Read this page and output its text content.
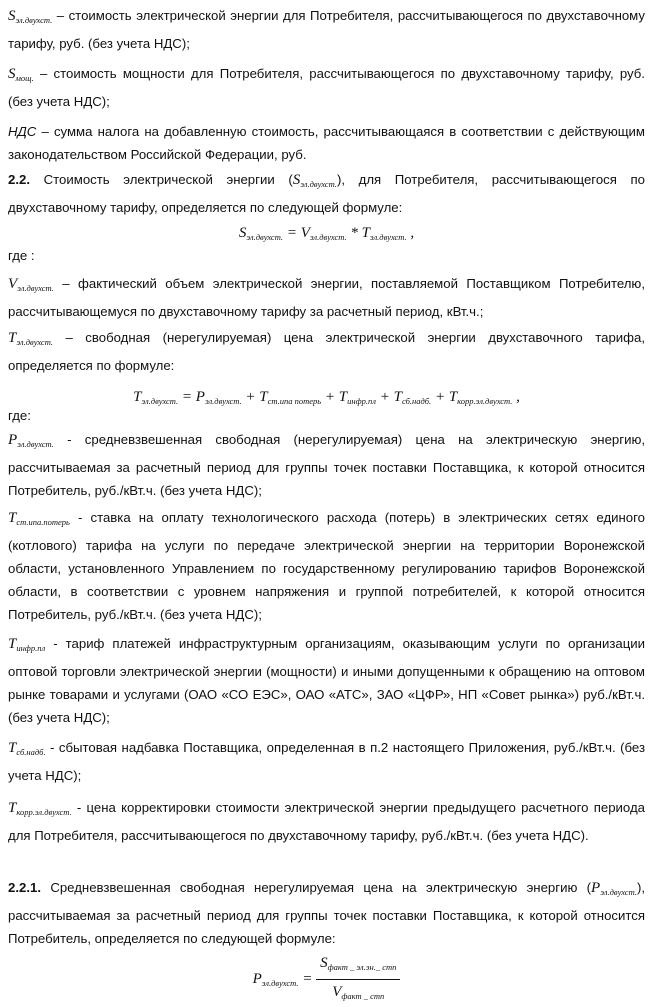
$S_{эл.двухст.}$ – стоимость электрической энергии для Потребителя, рассчитывающегося по двухставочному тарифу, руб. (без учета НДС);

$S_{мощ.}$ – стоимость мощности для Потребителя, рассчитывающегося по двухставочному тарифу, руб. (без учета НДС);

НДС – сумма налога на добавленную стоимость, рассчитывающаяся в соответствии с действующим законодательством Российской Федерации, руб.

2.2. Стоимость электрической энергии $(S_{эл.двухст.})$, для Потребителя, рассчитывающегося по двухставочному тарифу, определяется по следующей формуле:

$S_{эл.двухст.} = V_{эл.двухст.} * T_{эл.двухст.}$ ,

где :

$V_{эл.двухст.}$ – фактический объем электрической энергии, поставляемой Поставщиком Потребителю, рассчитывающемуся по двухставочному тарифу за расчетный период, кВт.ч.;

$T_{эл.двухст.}$ – свободная (нерегулируемая) цена электрической энергии двухставочного тарифа, определяется по формуле:

$T_{эл.двухст.} = P_{эл.двухст.} + T_{ст.ипа потерь} + T_{инфр.пл} + T_{сб.надб.} + T_{корр.эл.двухст.}$ ,

где:

$P_{эл.двухст.}$ - средневзвешенная свободная (нерегулируемая) цена на электрическую энергию, рассчитываемая за расчетный период для группы точек поставки Поставщика, к которой относится Потребитель, руб./кВт.ч. (без учета НДС);

$T_{ст.ипа.потерь}$ - ставка на оплату технологического расхода (потерь) в электрических сетях единого (котлового) тарифа на услуги по передаче электрической энергии на территории Воронежской области, установленного Управлением по государственному регулированию тарифов Воронежской области, в соответствии с уровнем напряжения и группой потребителей, к которой относится Потребитель, руб./кВт.ч. (без учета НДС);

$T_{инфр.пл}$ - тариф платежей инфраструктурным организациям, оказывающим услуги по организации оптовой торговли электрической энергии (мощности) и иными допущенными к обращению на оптовом рынке товарами и услугами (ОАО «СО ЕЭС», ОАО «АТС», ЗАО «ЦФР», НП «Совет рынка») руб./кВт.ч. (без учета НДС);

$T_{сб.надб.}$ - сбытовая надбавка Поставщика, определенная в п.2 настоящего Приложения, руб./кВт.ч. (без учета НДС);

$T_{корр.эл.двухст.}$ - цена корректировки стоимости электрической энергии предыдущего расчетного периода для Потребителя, рассчитывающегося по двухставочному тарифу, руб./кВт.ч. (без учета НДС).

2.2.1. Средневзвешенная свободная нерегулируемая цена на электрическую энергию $(P_{эл.двухст.})$, рассчитываемая за расчетный период для группы точек поставки Поставщика, к которой относится Потребитель, определяется по следующей формуле:

$P_{эл.двухст.} = \frac{S_{факт \_ эл.эн.\_ стп}}{V_{факт \_ стп}}$
